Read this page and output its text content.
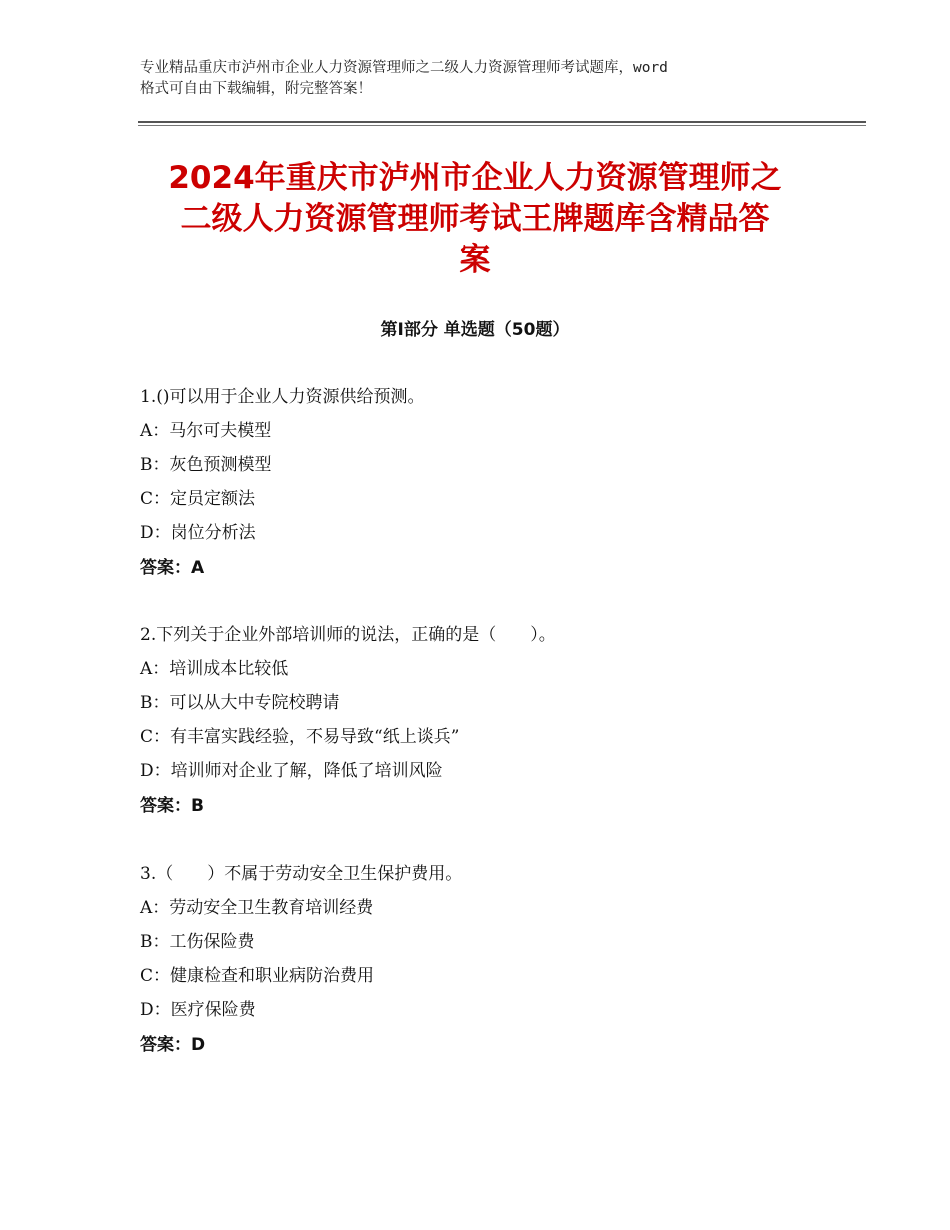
专业精品重庆市泸州市企业人力资源管理师之二级人力资源管理师考试题库，word
格式可自由下载编辑，附完整答案！
2024年重庆市泸州市企业人力资源管理师之
二级人力资源管理师考试王牌题库含精品答
案
第Ⅰ部分 单选题（50题）
1.()可以用于企业人力资源供给预测。
A：马尔可夫模型
B：灰色预测模型
C：定员定额法
D：岗位分析法
答案：A
2.下列关于企业外部培训师的说法，正确的是（　　）。
A：培训成本比较低
B：可以从大中专院校聘请
C：有丰富实践经验，不易导致“纸上谈兵”
D：培训师对企业了解，降低了培训风险
答案：B
3.（　　）不属于劳动安全卫生保护费用。
A：劳动安全卫生教育培训经费
B：工伤保险费
C：健康检查和职业病防治费用
D：医疗保险费
答案：D
